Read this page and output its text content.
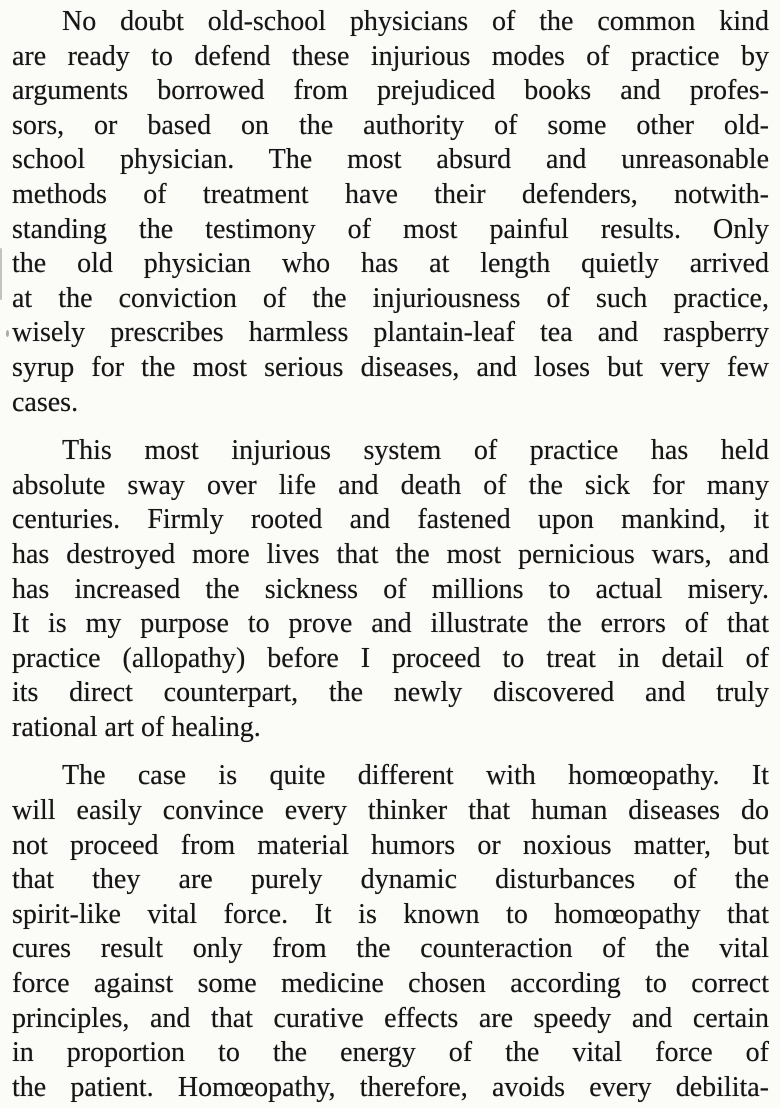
No doubt old-school physicians of the common kind
are ready to defend these injurious modes of practice by
arguments borrowed from prejudiced books and profes-
sors, or based on the authority of some other old-
school physician. The most absurd and unreasonable
methods of treatment have their defenders, notwith-
standing the testimony of most painful results. Only
the old physician who has at length quietly arrived
at the conviction of the injuriousness of such practice,
wisely prescribes harmless plantain-leaf tea and raspberry
syrup for the most serious diseases, and loses but very few
cases.
This most injurious system of practice has held
absolute sway over life and death of the sick for many
centuries. Firmly rooted and fastened upon mankind, it
has destroyed more lives that the most pernicious wars, and
has increased the sickness of millions to actual misery.
It is my purpose to prove and illustrate the errors of that
practice (allopathy) before I proceed to treat in detail of
its direct counterpart, the newly discovered and truly
rational art of healing.
The case is quite different with homœopathy. It
will easily convince every thinker that human diseases do
not proceed from material humors or noxious matter, but
that they are purely dynamic disturbances of the
spirit-like vital force. It is known to homœopathy that
cures result only from the counteraction of the vital
force against some medicine chosen according to correct
principles, and that curative effects are speedy and certain
in proportion to the energy of the vital force of
the patient. Homœopathy, therefore, avoids every debilita-
